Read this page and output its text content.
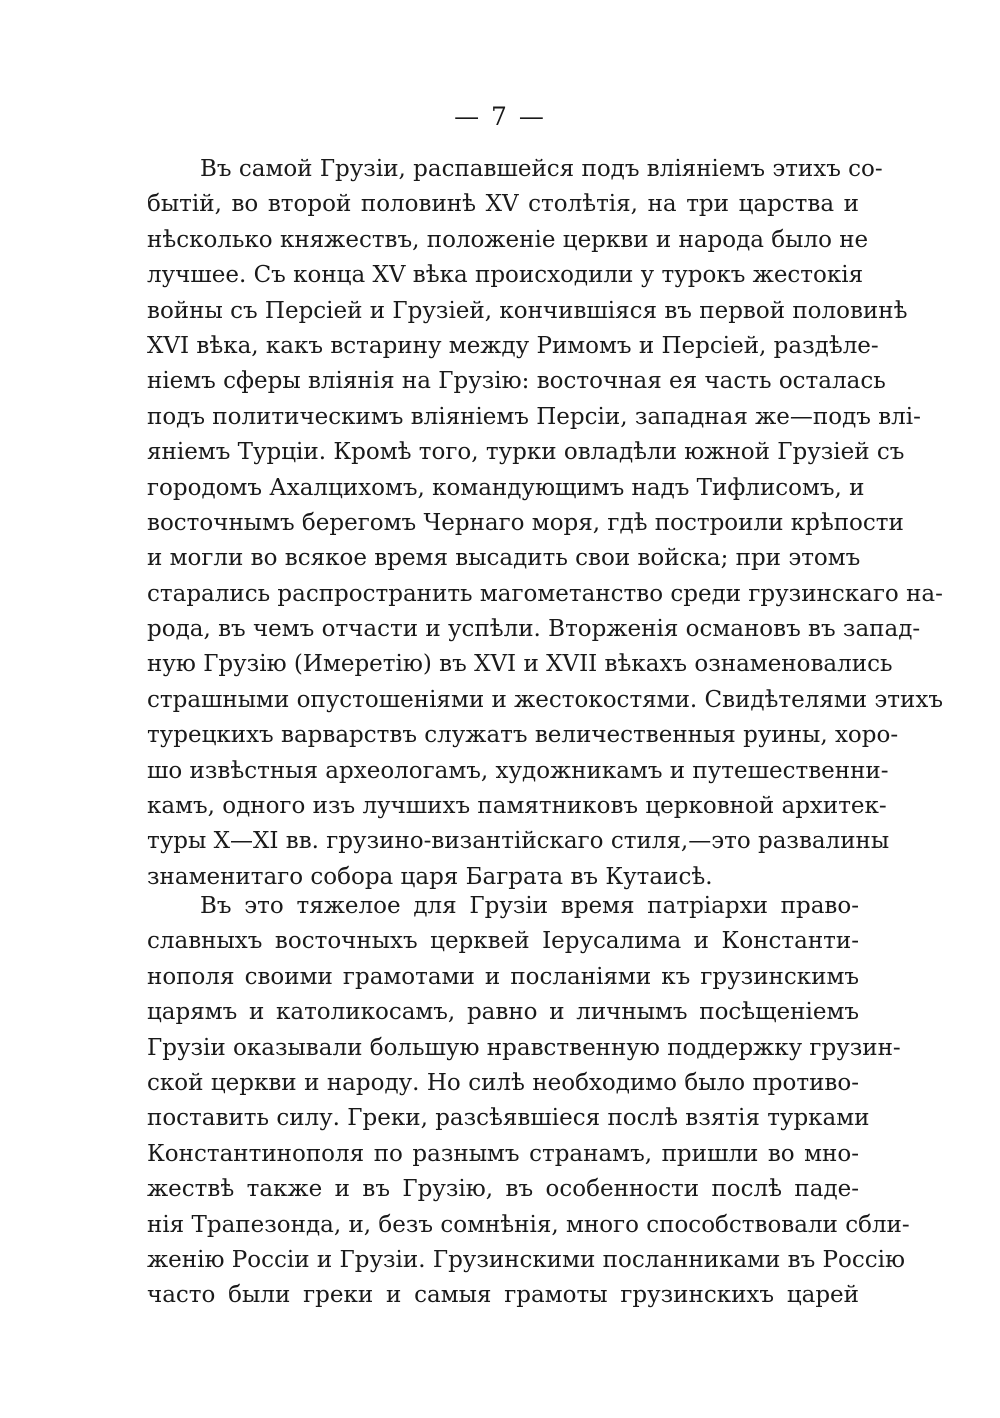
— 7 —
Въ самой Грузіи, распавшейся подъ вліяніемъ этихъ со-
бытій, во второй половинѣ XV столѣтія, на три царства и
нѣсколько княжествъ, положеніе церкви и народа было не
лучшее. Съ конца XV вѣка происходили у турокъ жестокія
войны съ Персіей и Грузіей, кончившіяся въ первой половинѣ
XVI вѣка, какъ встарину между Римомъ и Персіей, раздѣле-
ніемъ сферы вліянія на Грузію: восточная ея часть осталась
подъ политическимъ вліяніемъ Персіи, западная же—подъ влі-
яніемъ Турціи. Кромѣ того, турки овладѣли южной Грузіей съ
городомъ Ахалцихомъ, командующимъ надъ Тифлисомъ, и
восточнымъ берегомъ Чернаго моря, гдѣ построили крѣпости
и могли во всякое время высадить свои войска; при этомъ
старались распространить магометанство среди грузинскаго на-
рода, въ чемъ отчасти и успѣли. Вторженія османовъ въ запад-
ную Грузію (Имеретію) въ XVI и XVII вѣкахъ ознаменовались
страшными опустошеніями и жестокостями. Свидѣтелями этихъ
турецкихъ варварствъ служатъ величественныя руины, хоро-
шо извѣстныя археологамъ, художникамъ и путешественни-
камъ, одного изъ лучшихъ памятниковъ церковной архитек-
туры X—XI вв. грузино-византійскаго стиля,—это развалины
знаменитаго собора царя Баграта въ Кутаисѣ.
Въ это тяжелое для Грузіи время патріархи право-
славныхъ восточныхъ церквей Іерусалима и Константи-
нополя своими грамотами и посланіями къ грузинскимъ
царямъ и католикосамъ, равно и личнымъ посѣщеніемъ
Грузіи оказывали большую нравственную поддержку грузин-
ской церкви и народу. Но силѣ необходимо было противо-
поставить силу. Греки, разсѣявшіеся послѣ взятія турками
Константинополя по разнымъ странамъ, пришли во мно-
жествѣ также и въ Грузію, въ особенности послѣ паде-
нія Трапезонда, и, безъ сомнѣнія, много способствовали сбли-
женію Россіи и Грузіи. Грузинскими посланниками въ Россію
часто были греки и самыя грамоты грузинскихъ царей
